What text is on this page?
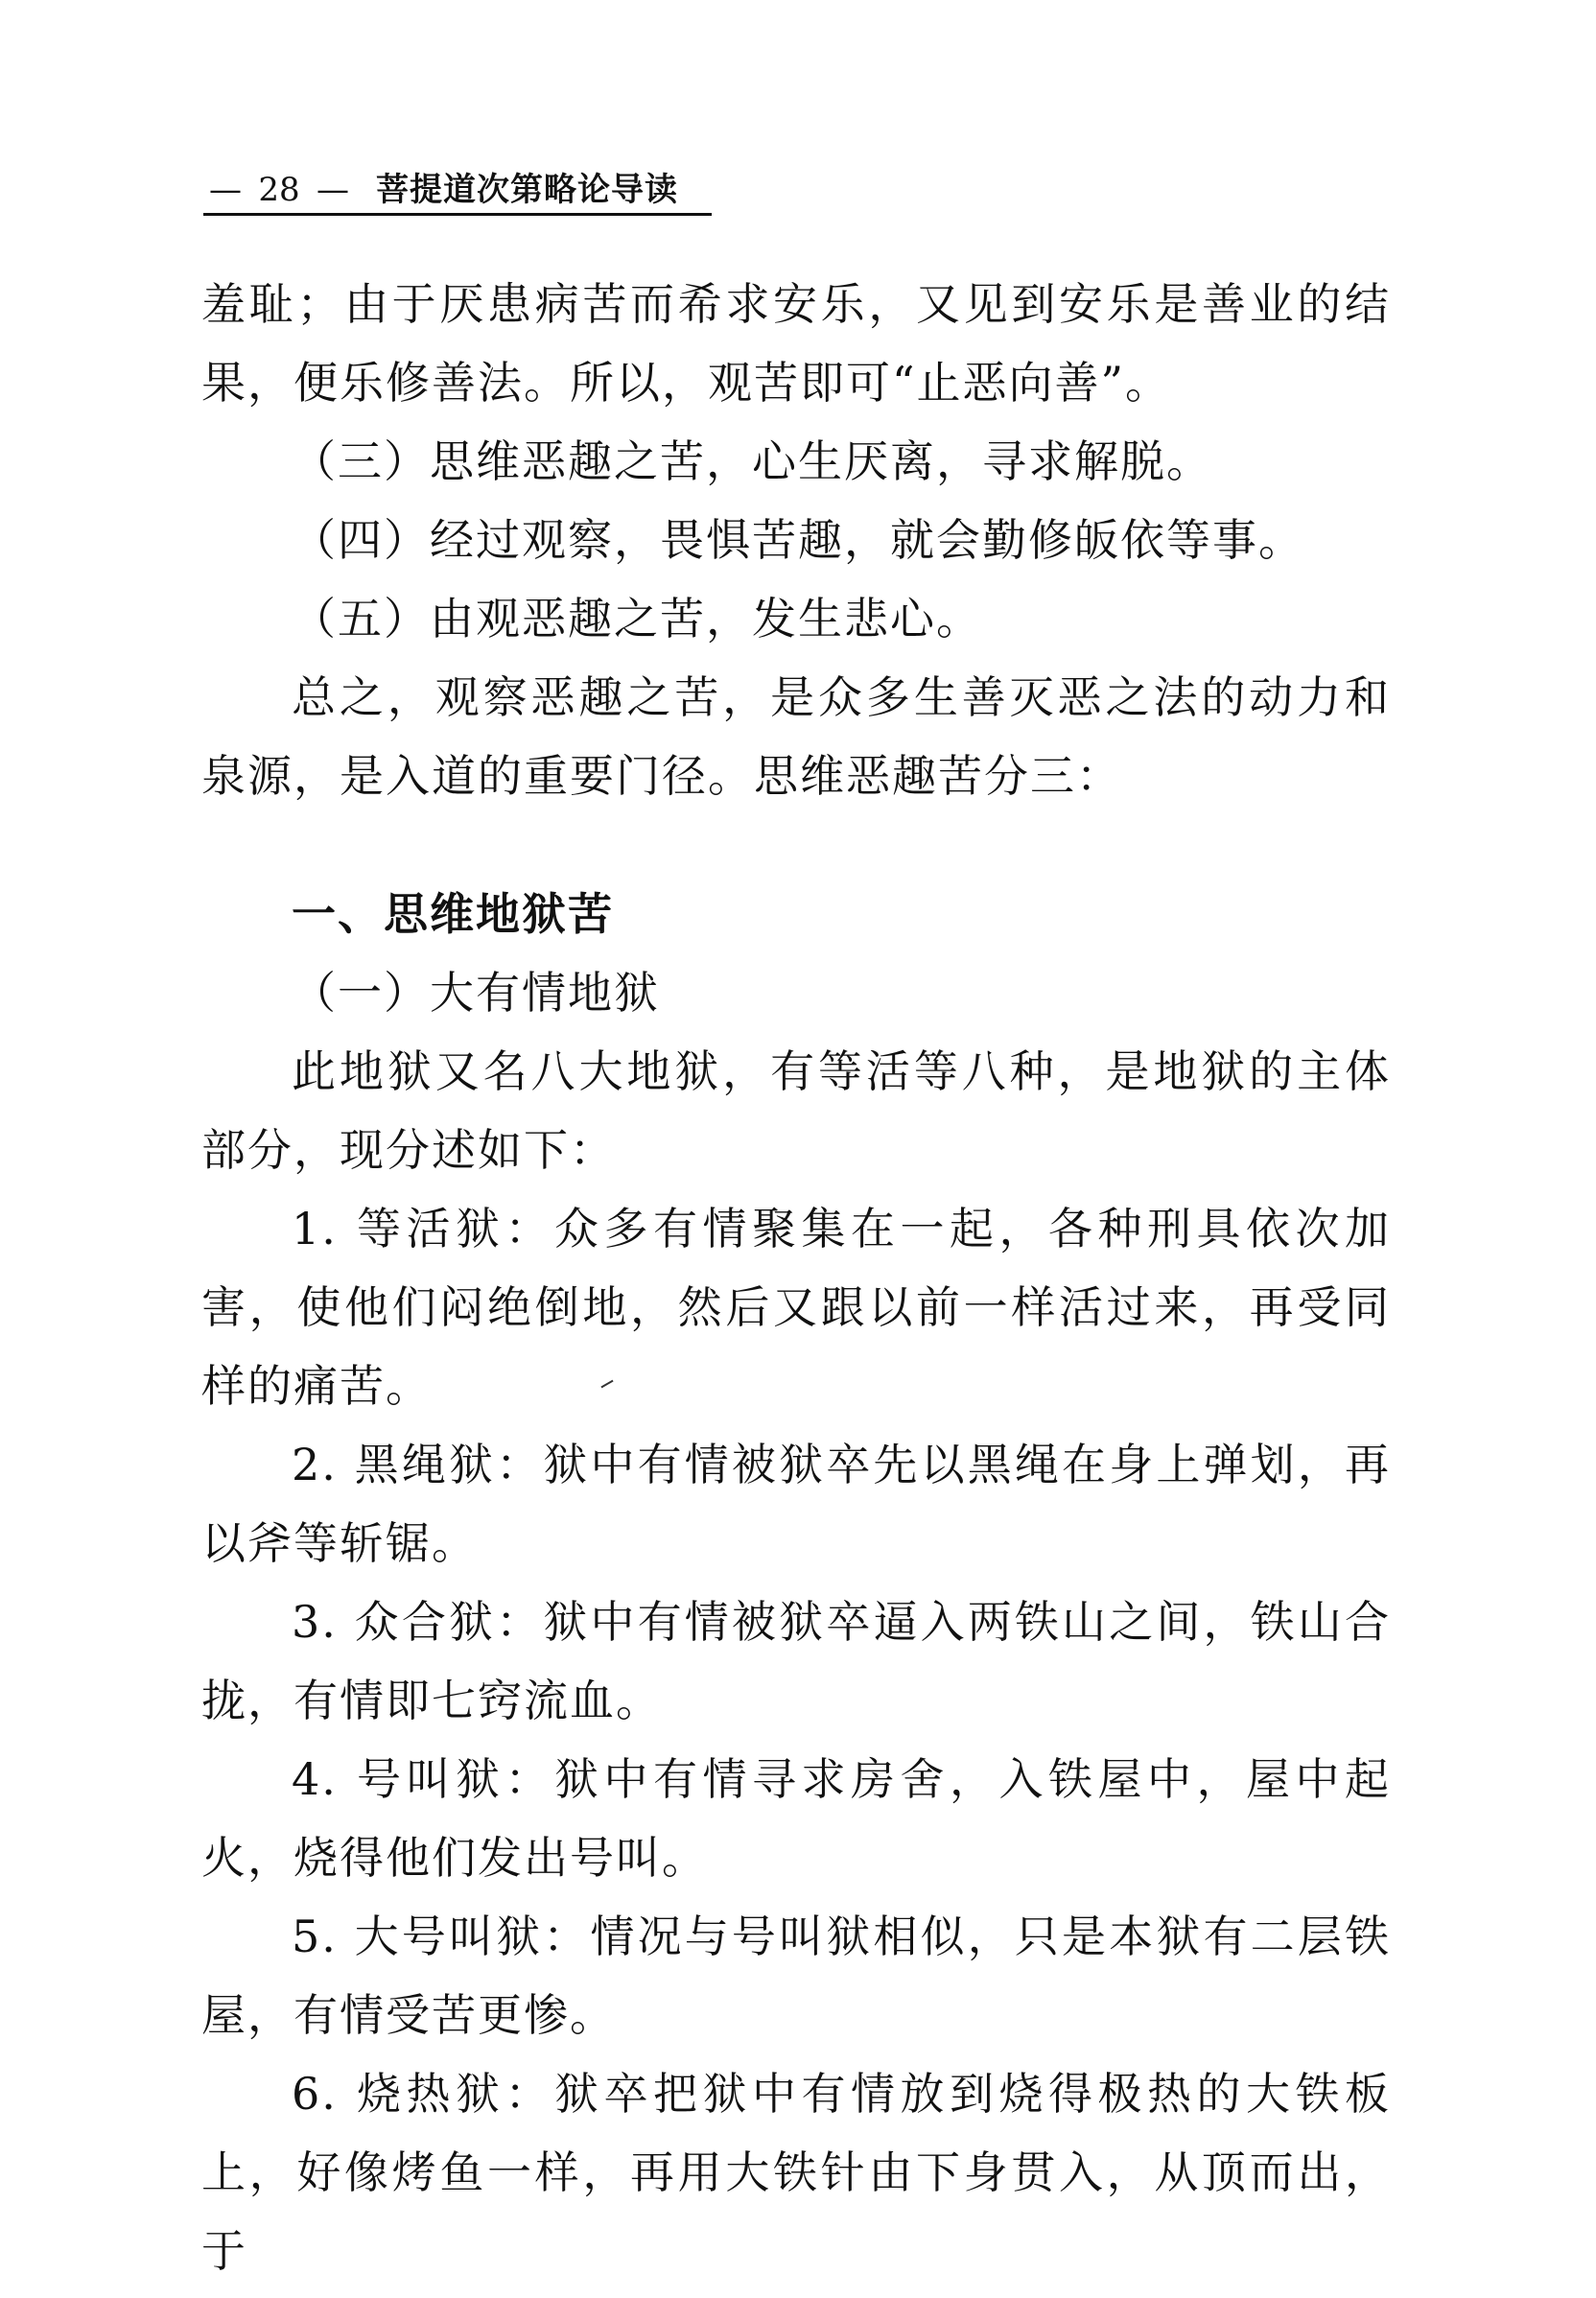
— 28 — 菩提道次第略论导读

羞耻；由于厌患病苦而希求安乐，又见到安乐是善业的结果，便乐修善法。所以，观苦即可“止恶向善”。

（三）思维恶趣之苦，心生厌离，寻求解脱。

（四）经过观察，畏惧苦趣，就会勤修皈依等事。

（五）由观恶趣之苦，发生悲心。

总之，观察恶趣之苦，是众多生善灭恶之法的动力和泉源，是入道的重要门径。思维恶趣苦分三：

一、思维地狱苦

（一）大有情地狱

此地狱又名八大地狱，有等活等八种，是地狱的主体部分，现分述如下：

1. 等活狱：众多有情聚集在一起，各种刑具依次加害，使他们闷绝倒地，然后又跟以前一样活过来，再受同样的痛苦。

2. 黑绳狱：狱中有情被狱卒先以黑绳在身上弹划，再以斧等斩锯。

3. 众合狱：狱中有情被狱卒逼入两铁山之间，铁山合拢，有情即七窍流血。

4. 号叫狱：狱中有情寻求房舍，入铁屋中，屋中起火，烧得他们发出号叫。

5. 大号叫狱：情况与号叫狱相似，只是本狱有二层铁屋，有情受苦更惨。

6. 烧热狱：狱卒把狱中有情放到烧得极热的大铁板上，好像烤鱼一样，再用大铁针由下身贯入，从顶而出，于
